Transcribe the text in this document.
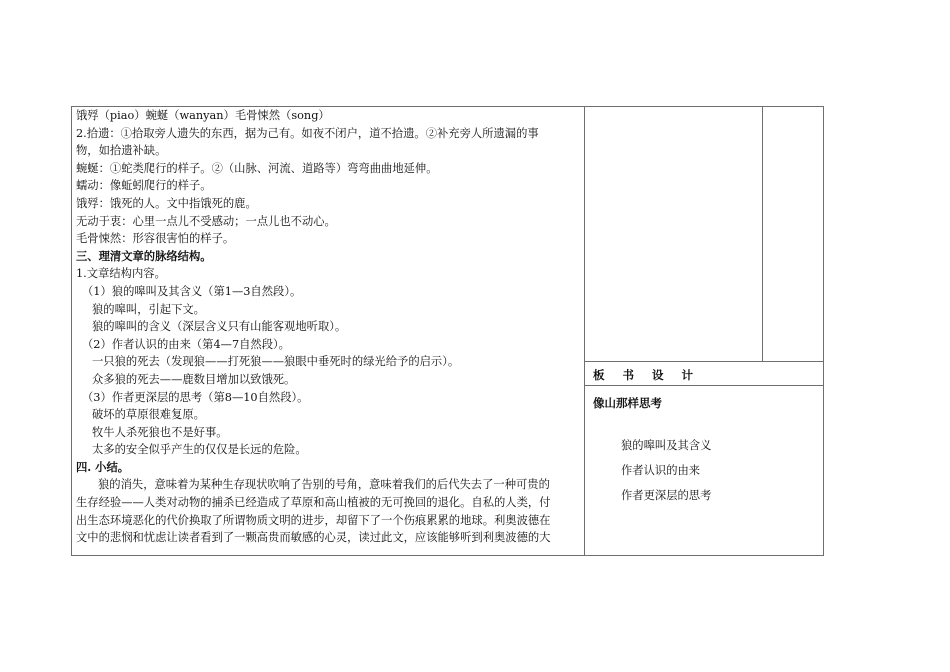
饿殍（piao）蜿蜒（wanyan）毛骨悚然（song）
2.拾遗：①拾取旁人遗失的东西，据为己有。如夜不闭户，道不拾遗。②补充旁人所遗漏的事
物，如拾遗补缺。
蜿蜒：①蛇类爬行的样子。②（山脉、河流、道路等）弯弯曲曲地延伸。
蠕动：像蚯蚓爬行的样子。
饿殍：饿死的人。文中指饿死的鹿。
无动于衷：心里一点儿不受感动；一点儿也不动心。
毛骨悚然：形容很害怕的样子。
三、理清文章的脉络结构。
1.文章结构内容。
（1）狼的嗥叫及其含义（第1—3自然段）。
狼的嗥叫，引起下文。
狼的嗥叫的含义（深层含义只有山能客观地听取）。
（2）作者认识的由来（第4—7自然段）。
一只狼的死去（发现狼——打死狼——狼眼中垂死时的绿光给予的启示）。
众多狼的死去——鹿数目增加以致饿死。
（3）作者更深层的思考（第8—10自然段）。
破坏的草原很难复原。
牧牛人杀死狼也不是好事。
太多的安全似乎产生的仅仅是长远的危险。
四. 小结。
狼的消失，意味着为某种生存现状吹响了告别的号角，意味着我们的后代失去了一种可贵的
生存经验——人类对动物的捕杀已经造成了草原和高山植被的无可挽回的退化。自私的人类，付
出生态环境恶化的代价换取了所谓物质文明的进步，却留下了一个伤痕累累的地球。利奥波德在
文中的悲悯和忧虑让读者看到了一颗高贵而敏感的心灵，读过此文，应该能够听到利奥波德的大
板 书 设 计
像山那样思考
狼的嗥叫及其含义
作者认识的由来
作者更深层的思考
